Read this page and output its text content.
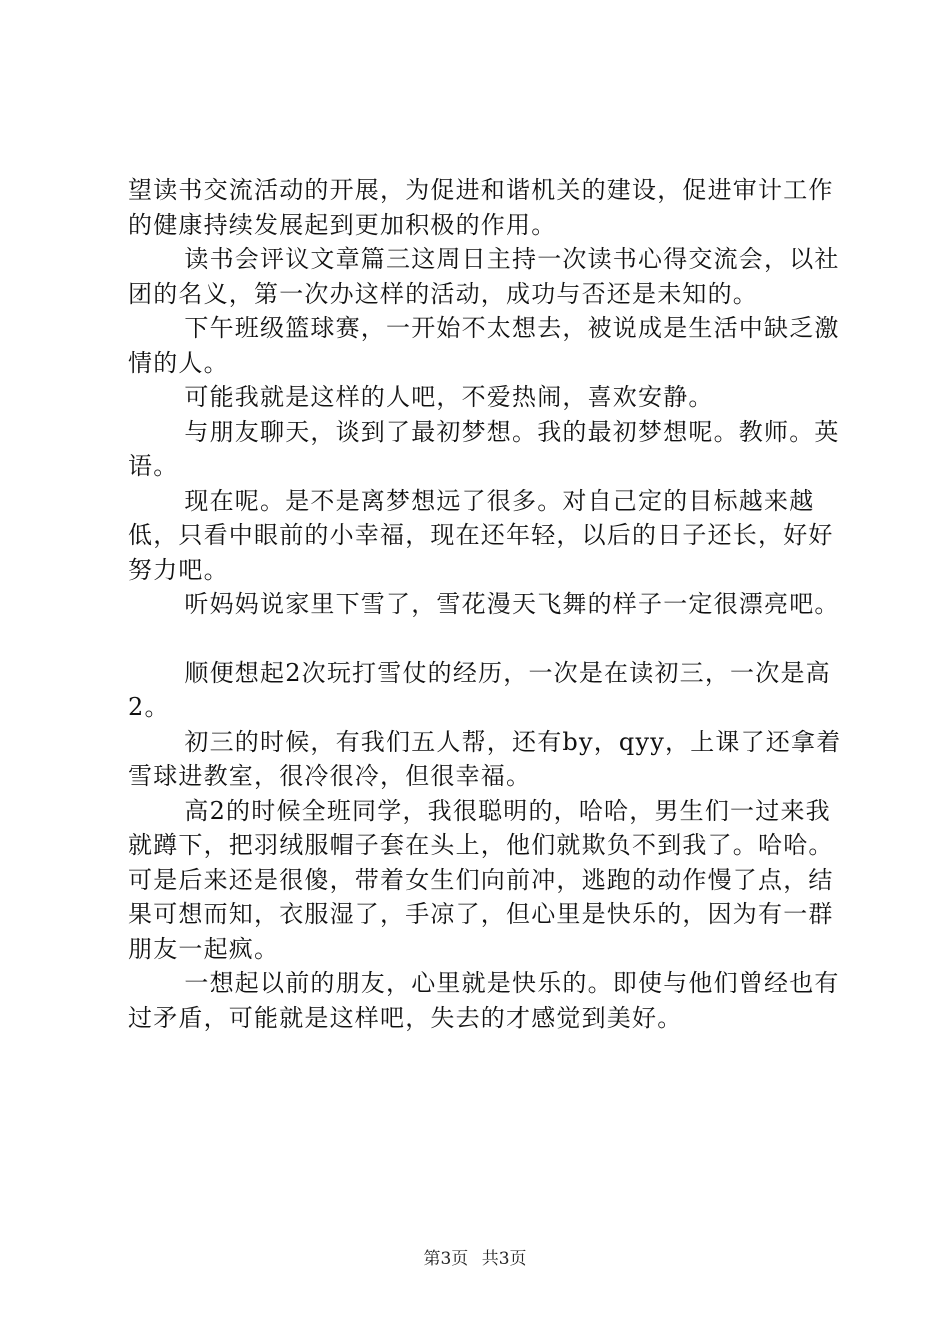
望读书交流活动的开展，为促进和谐机关的建设，促进审计工作的健康持续发展起到更加积极的作用。

读书会评议文章篇三这周日主持一次读书心得交流会，以社团的名义，第一次办这样的活动，成功与否还是未知的。

下午班级篮球赛，一开始不太想去，被说成是生活中缺乏激情的人。

可能我就是这样的人吧，不爱热闹，喜欢安静。

与朋友聊天，谈到了最初梦想。我的最初梦想呢。教师。英语。

现在呢。是不是离梦想远了很多。对自己定的目标越来越低，只看中眼前的小幸福，现在还年轻，以后的日子还长，好好努力吧。

听妈妈说家里下雪了，雪花漫天飞舞的样子一定很漂亮吧。

顺便想起2次玩打雪仗的经历，一次是在读初三，一次是高2。

初三的时候，有我们五人帮，还有by，qyy，上课了还拿着雪球进教室，很冷很冷，但很幸福。

高2的时候全班同学，我很聪明的，哈哈，男生们一过来我就蹲下，把羽绒服帽子套在头上，他们就欺负不到我了。哈哈。可是后来还是很傻，带着女生们向前冲，逃跑的动作慢了点，结果可想而知，衣服湿了，手凉了，但心里是快乐的，因为有一群朋友一起疯。

一想起以前的朋友，心里就是快乐的。即使与他们曾经也有过矛盾，可能就是这样吧，失去的才感觉到美好。

第3页 共3页
